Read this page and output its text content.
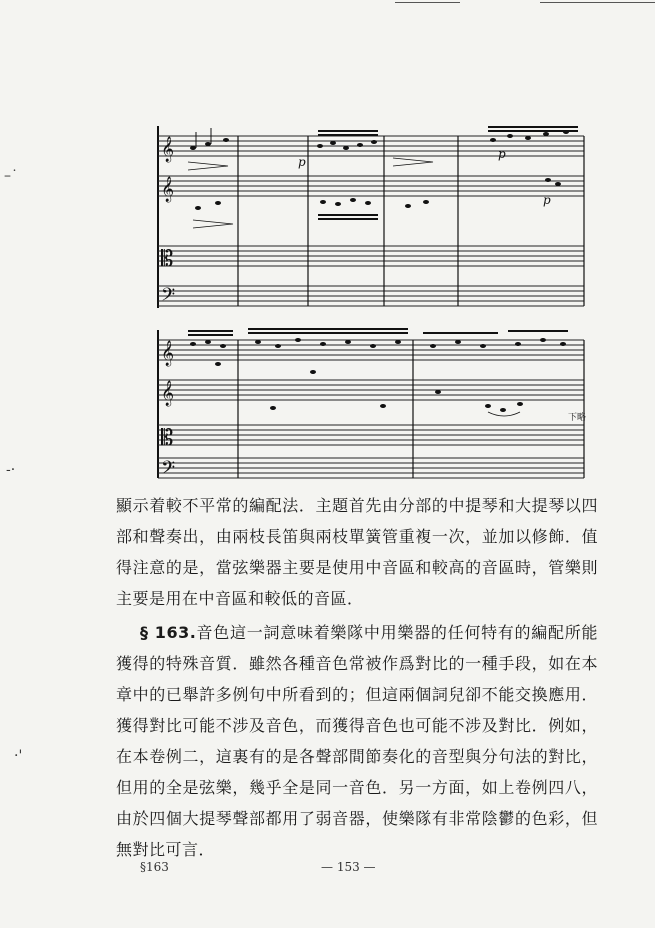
–˙
-·
·'
𝄞
𝄞
𝄡
𝄢
p
p
p
𝄞
𝄞
𝄡
𝄢
下略

顯示着較不平常的編配法．主題首先由分部的中提琴和大提琴以四部和聲奏出，由兩枝長笛與兩枝單簧管重複一次，並加以修飾．值得注意的是，當弦樂器主要是使用中音區和較高的音區時，管樂則主要是用在中音區和較低的音區．

§ 163.音色這一詞意味着樂隊中用樂器的任何特有的編配所能獲得的特殊音質．雖然各種音色常被作爲對比的一種手段，如在本章中的已舉許多例句中所看到的；但這兩個詞兒卻不能交換應用．獲得對比可能不涉及音色，而獲得音色也可能不涉及對比．例如，在本卷例二，這裏有的是各聲部間節奏化的音型與分句法的對比，但用的全是弦樂，幾乎全是同一音色．另一方面，如上卷例四八，由於四個大提琴聲部都用了弱音器，使樂隊有非常陰鬱的色彩，但無對比可言．

§163	— 153 —
